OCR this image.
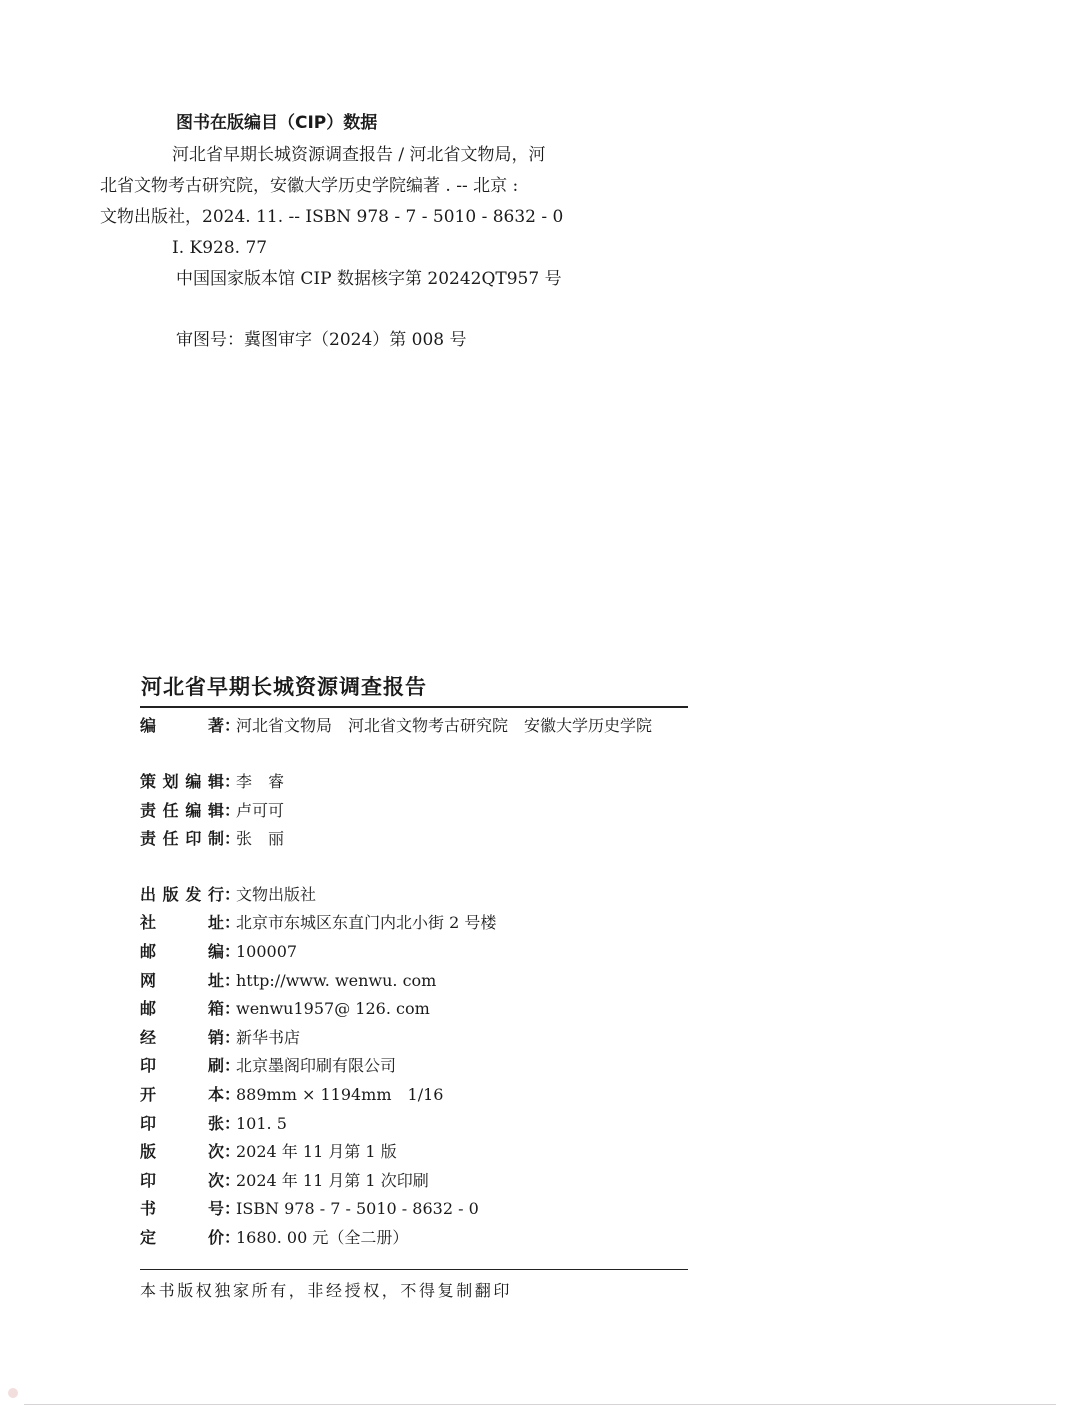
图书在版编目（CIP）数据
河北省早期长城资源调查报告 / 河北省文物局，河
北省文物考古研究院，安徽大学历史学院编著 . -- 北京 :
文物出版社，2024. 11. -- ISBN 978 - 7 - 5010 - 8632 - 0
Ⅰ. K928. 77
中国国家版本馆 CIP 数据核字第 20242QT957 号
审图号：冀图审字（2024）第 008 号
河北省早期长城资源调查报告
编	著 ：
河北省文物局　河北省文物考古研究院　安徽大学历史学院
策 划 编 辑 ：
李　睿
责 任 编 辑 ：
卢可可
责 任 印 制 ：
张　丽
出 版 发 行 ：
文物出版社
社	址 ：
北京市东城区东直门内北小街 2 号楼
邮	编 ：
100007
网	址 ：
http://www. wenwu. com
邮	箱 ：
wenwu1957@ 126. com
经	销 ：
新华书店
印	刷 ：
北京墨阁印刷有限公司
开	本 ：
889mm × 1194mm　1/16
印	张 ：
101. 5
版	次 ：
2024 年 11 月第 1 版
印	次 ：
2024 年 11 月第 1 次印刷
书	号 ：
ISBN 978 - 7 - 5010 - 8632 - 0
定	价 ：
1680. 00 元（全二册）
本书版权独家所有，非经授权，不得复制翻印
